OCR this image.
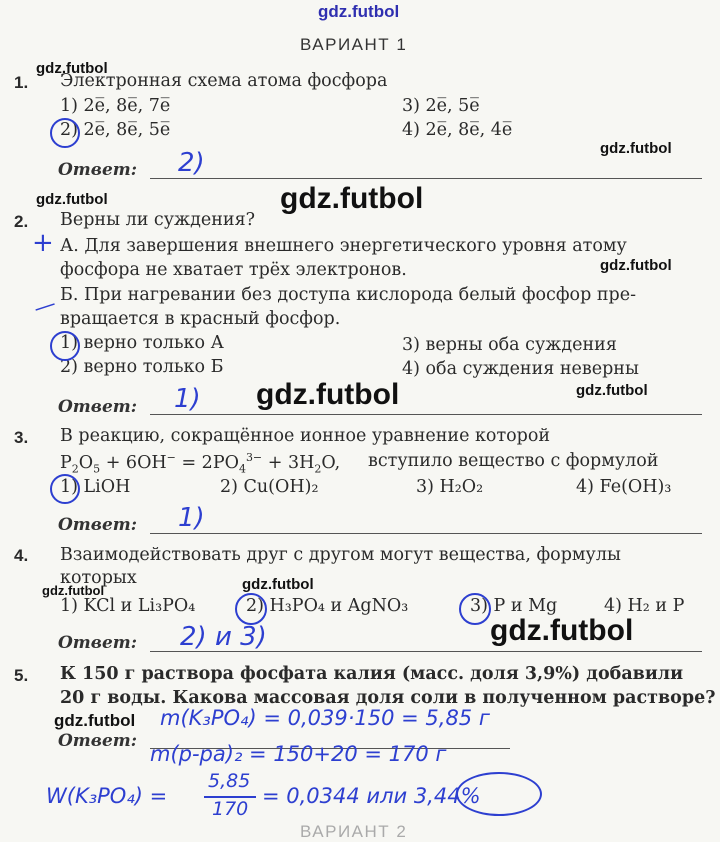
gdz.futbol
gdz.futbol
gdz.futbol
gdz.futbol	gdz.futbol
gdz.futbol
gdz.futbol
gdz.futbol
gdz.futbol	gdz.futbol
gdz.futbol
gdz.futbol
ВАРИАНТ 1
1. Электронная схема атома фосфора
1) 2e̅, 8e̅, 7e̅
2) 2e̅, 8e̅, 5e̅
3) 2e̅, 5e̅
4) 2e̅, 8e̅, 4e̅
Ответ: 2)
2. Верны ли суждения?
+ А. Для завершения внешнего энергетического уровня атому
фосфора не хватает трёх электронов.
— Б. При нагревании без доступа кислорода белый фосфор пре-
вращается в красный фосфор.
1) верно только А
2) верно только Б
3) верны оба суждения
4) оба суждения неверны
Ответ: 1)
3. В реакцию, сокращённое ионное уравнение которой
$P_2O_5 + 6OH^- = 2PO_4^{3-} + 3H_2O$, вступило вещество с формулой
1) LiOH	2) Cu(OH)₂	3) H₂O₂	4) Fe(OH)₃
Ответ: 1)
4. Взаимодействовать друг с другом могут вещества, формулы
которых
1) KCl и Li₃PO₄	2) H₃PO₄ и AgNO₃	3) P и Mg	4) H₂ и P
Ответ: 2) и 3)
5. К 150 г раствора фосфата калия (масс. доля 3,9%) добавили
20 г воды. Какова массовая доля соли в полученном растворе?
m(K₃PO₄) = 0,039·150 = 5,85 г
Ответ:
m(р-ра)₂ = 150+20 = 170 г
W(K₃PO₄) =
5,85
170
= 0,0344 или 3,44%
ВАРИАНТ 2
